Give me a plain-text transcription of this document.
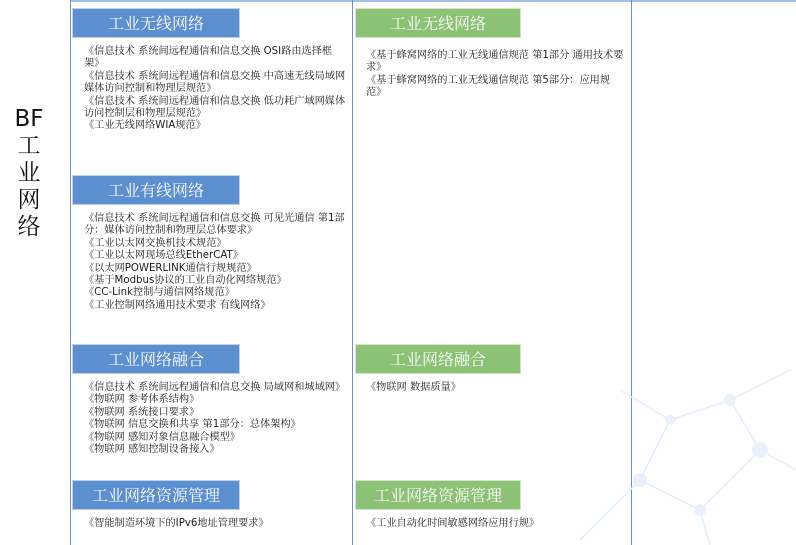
BF
工
业
网
络
工业无线网络
《信息技术 系统间远程通信和信息交换 OSI路由选择框架》
《信息技术 系统间远程通信和信息交换 中高速无线局域网媒体访问控制和物理层规范》
《信息技术 系统间远程通信和信息交换 低功耗广域网媒体访问控制层和物理层规范》
《工业无线网络WIA规范》
工业有线网络
《信息技术 系统间远程通信和信息交换 可见光通信 第1部分：媒体访问控制和物理层总体要求》
《工业以太网交换机技术规范》
《工业以太网现场总线EtherCAT》
《以太网POWERLINK通信行规规范》
《基于Modbus协议的工业自动化网络规范》
《CC-Link控制与通信网络规范》
《工业控制网络通用技术要求 有线网络》
工业网络融合
《信息技术 系统间远程通信和信息交换 局域网和城域网》
《物联网 参考体系结构》
《物联网 系统接口要求》
《物联网 信息交换和共享 第1部分：总体架构》
《物联网 感知对象信息融合模型》
《物联网 感知控制设备接入》
工业网络资源管理
《智能制造环境下的IPv6地址管理要求》
工业无线网络
《基于蜂窝网络的工业无线通信规范 第1部分 通用技术要求》
《基于蜂窝网络的工业无线通信规范 第5部分：应用规范》
工业网络融合
《物联网 数据质量》
工业网络资源管理
《工业自动化时间敏感网络应用行规》
